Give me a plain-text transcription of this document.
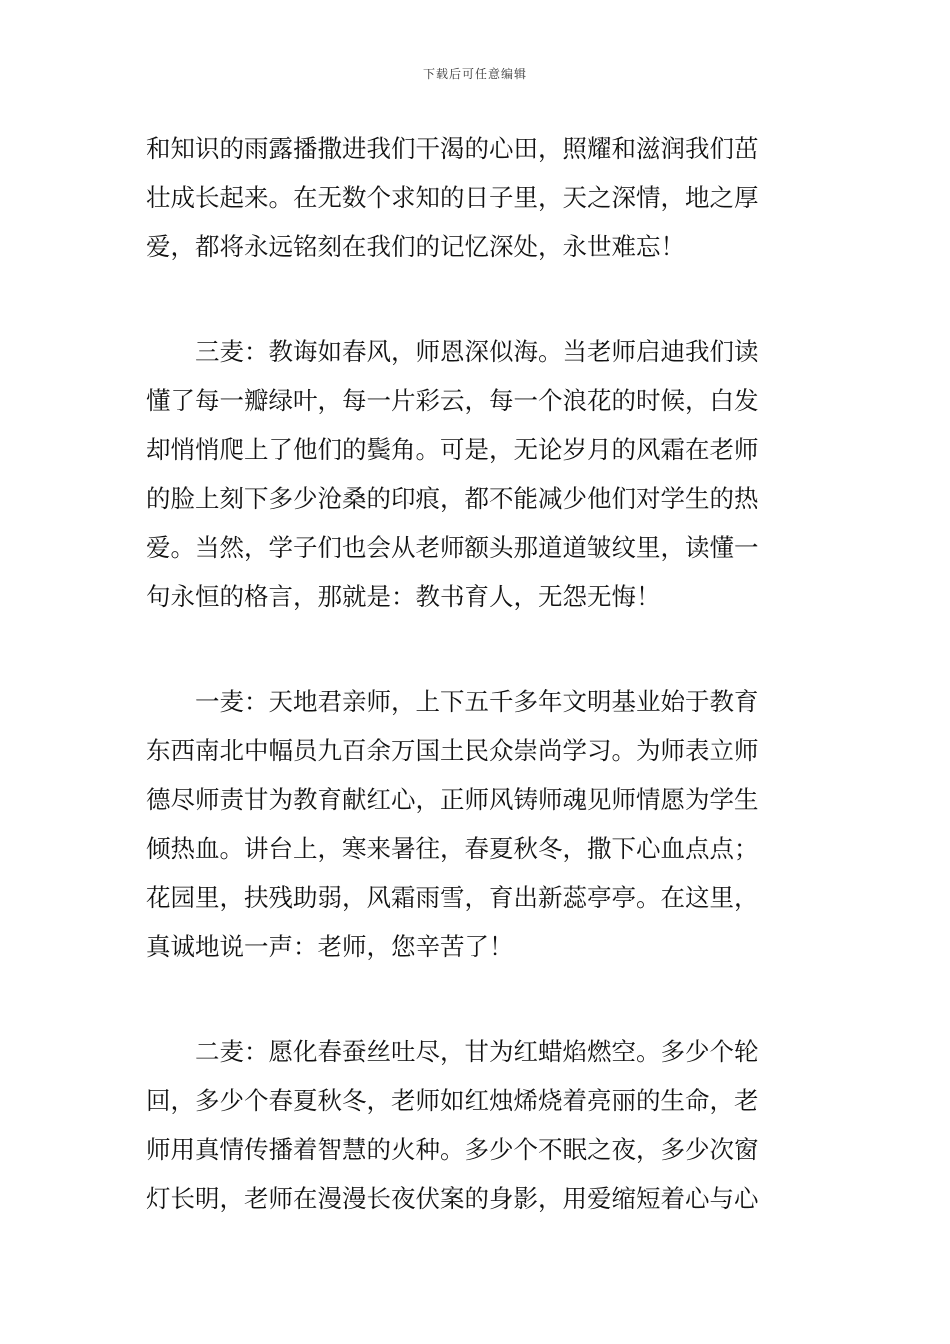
下载后可任意编辑
和知识的雨露播撒进我们干渴的心田，照耀和滋润我们茁
壮成长起来。在无数个求知的日子里，天之深情，地之厚
爱，都将永远铭刻在我们的记忆深处，永世难忘！
三麦：教诲如春风，师恩深似海。当老师启迪我们读
懂了每一瓣绿叶，每一片彩云，每一个浪花的时候，白发
却悄悄爬上了他们的鬓角。可是，无论岁月的风霜在老师
的脸上刻下多少沧桑的印痕，都不能减少他们对学生的热
爱。当然，学子们也会从老师额头那道道皱纹里，读懂一
句永恒的格言，那就是：教书育人，无怨无悔！
一麦：天地君亲师，上下五千多年文明基业始于教育
东西南北中幅员九百余万国土民众崇尚学习。为师表立师
德尽师责甘为教育献红心，正师风铸师魂见师情愿为学生
倾热血。讲台上，寒来暑往，春夏秋冬，撒下心血点点；
花园里，扶残助弱，风霜雨雪，育出新蕊亭亭。在这里，
真诚地说一声：老师，您辛苦了！
二麦：愿化春蚕丝吐尽，甘为红蜡焰燃空。多少个轮
回，多少个春夏秋冬，老师如红烛烯烧着亮丽的生命，老
师用真情传播着智慧的火种。多少个不眠之夜，多少次窗
灯长明，老师在漫漫长夜伏案的身影，用爱缩短着心与心
